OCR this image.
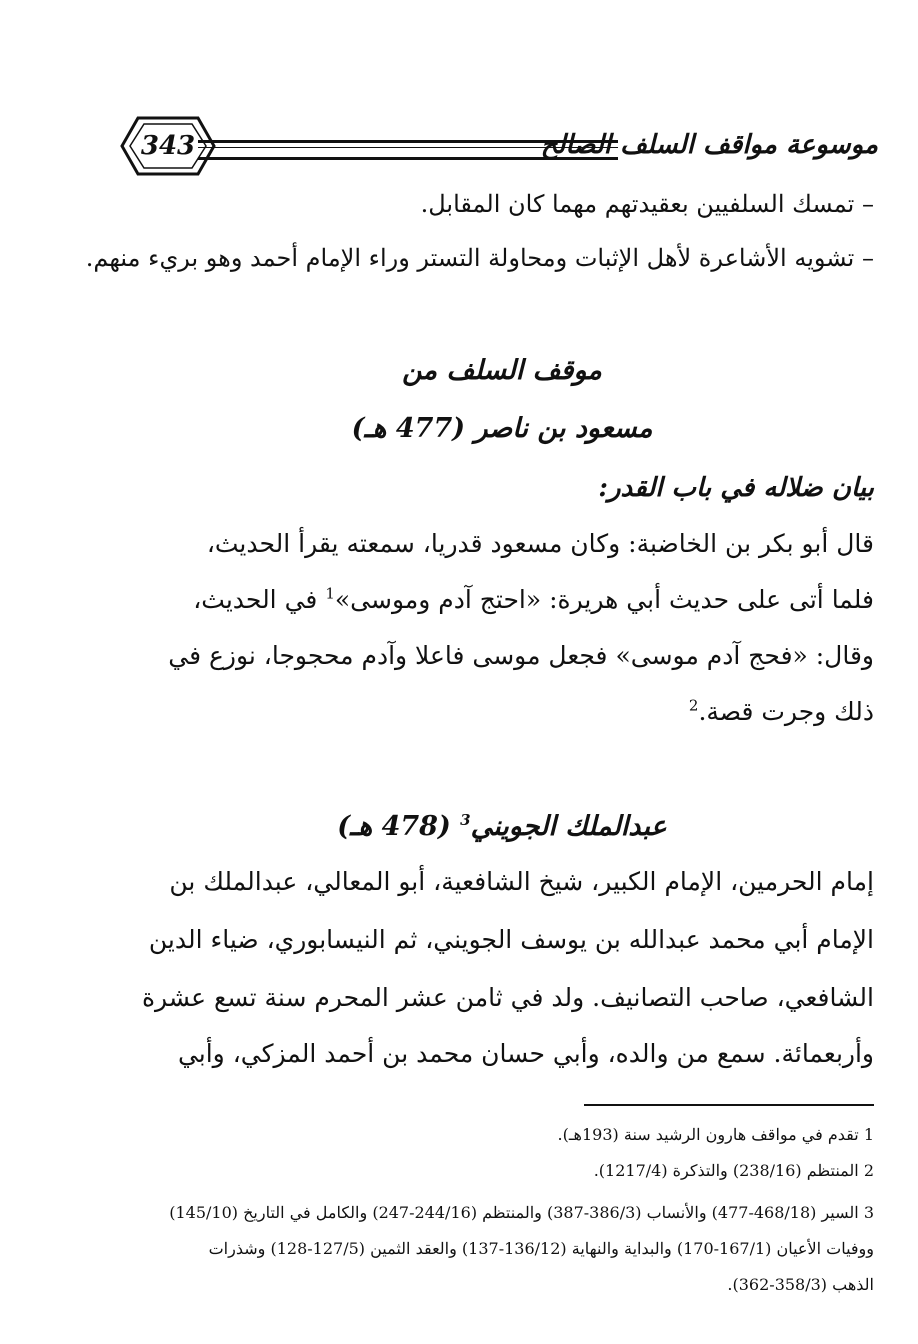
343	موسوعة مواقف السلف الصالح
– تمسك السلفيين بعقيدتهم مهما كان المقابل.
– تشويه الأشاعرة لأهل الإثبات ومحاولة التستر وراء الإمام أحمد وهو بريء منهم.
موقف السلف من
مسعود بن ناصر (477 هـ)
بيان ضلاله في باب القدر:
قال أبو بكر بن الخاضبة: وكان مسعود قدريا، سمعته يقرأ الحديث،
فلما أتى على حديث أبي هريرة: «احتج آدم وموسى»$^1$ في الحديث،
وقال: «فحج آدم موسى» فجعل موسى فاعلا وآدم محجوجا، نوزع في
ذلك وجرت قصة.$^2$
عبدالملك الجويني$^3$ (478 هـ)
إمام الحرمين، الإمام الكبير، شيخ الشافعية، أبو المعالي، عبدالملك بن
الإمام أبي محمد عبدالله بن يوسف الجويني، ثم النيسابوري، ضياء الدين
الشافعي، صاحب التصانيف. ولد في ثامن عشر المحرم سنة تسع عشرة
وأربعمائة. سمع من والده، وأبي حسان محمد بن أحمد المزكي، وأبي
1 تقدم في مواقف هارون الرشيد سنة (193هـ).
2 المنتظم (238/16) والتذكرة (1217/4).
3 السير (468/18-477) والأنساب (386/3-387) والمنتظم (244/16-247) والكامل في التاريخ (145/10)
ووفيات الأعيان (167/1-170) والبداية والنهاية (136/12-137) والعقد الثمين (127/5-128) وشذرات
الذهب (358/3-362).
